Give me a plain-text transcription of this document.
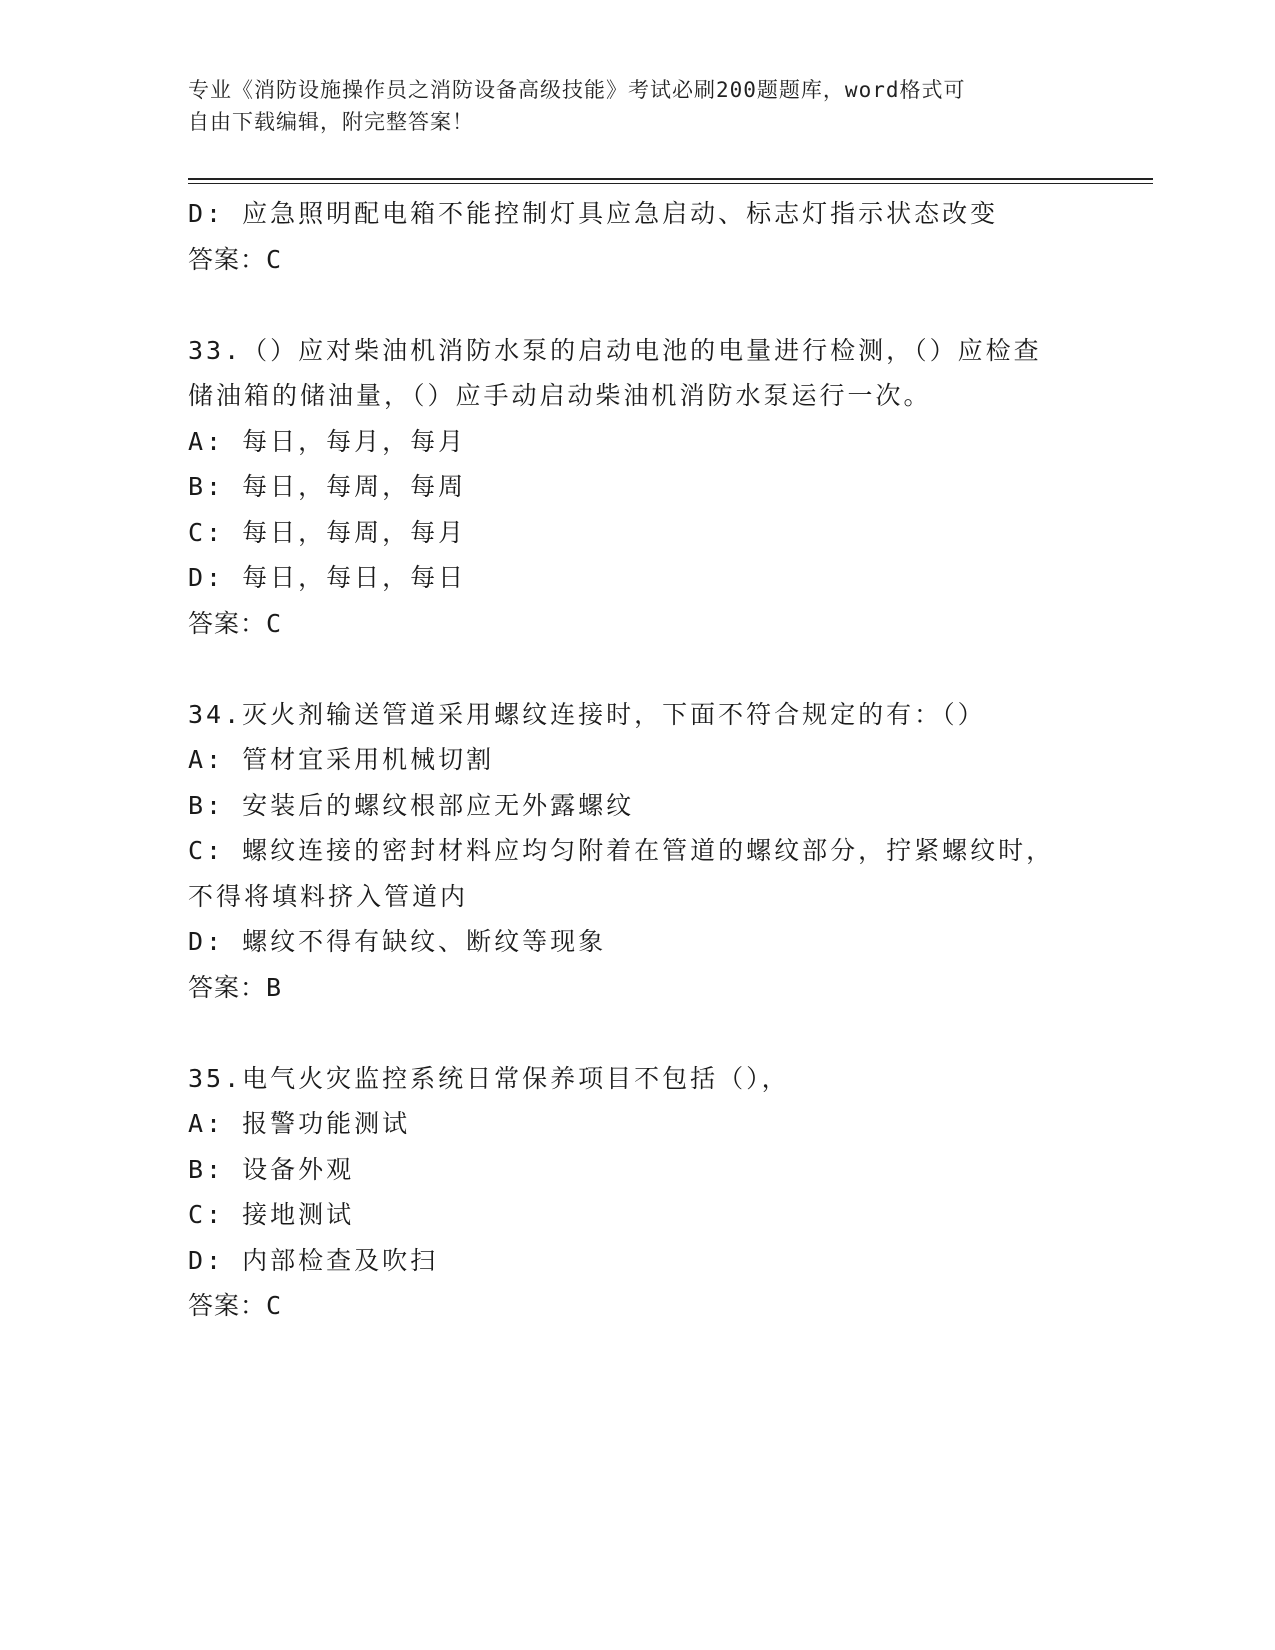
专业《消防设施操作员之消防设备高级技能》考试必刷200题题库，word格式可
自由下载编辑，附完整答案！
D: 应急照明配电箱不能控制灯具应急启动、标志灯指示状态改变
答案：C
33.（）应对柴油机消防水泵的启动电池的电量进行检测，（）应检查
储油箱的储油量，（）应手动启动柴油机消防水泵运行一次。
A: 每日，每月，每月
B: 每日，每周，每周
C: 每日，每周，每月
D: 每日，每日，每日
答案：C
34.灭火剂输送管道采用螺纹连接时，下面不符合规定的有：（）
A: 管材宜采用机械切割
B: 安装后的螺纹根部应无外露螺纹
C: 螺纹连接的密封材料应均匀附着在管道的螺纹部分，拧紧螺纹时，
不得将填料挤入管道内
D: 螺纹不得有缺纹、断纹等现象
答案：B
35.电气火灾监控系统日常保养项目不包括（），
A: 报警功能测试
B: 设备外观
C: 接地测试
D: 内部检查及吹扫
答案：C
